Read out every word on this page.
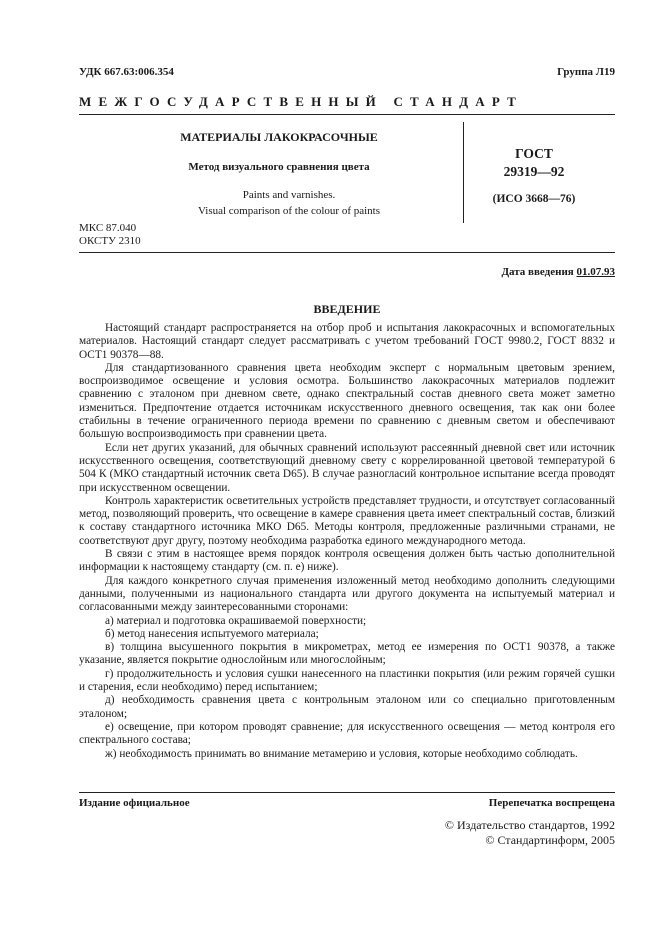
УДК 667.63:006.354	Группа Л19
МЕЖГОСУДАРСТВЕННЫЙ СТАНДАРТ
МАТЕРИАЛЫ ЛАКОКРАСОЧНЫЕ
Метод визуального сравнения цвета
Paints and varnishes.
Visual comparison of the colour of paints
ГОСТ
29319—92
(ИСО 3668—76)
МКС 87.040
ОКСТУ 2310
Дата введения 01.07.93
ВВЕДЕНИЕ

Настоящий стандарт распространяется на отбор проб и испытания лакокрасочных и вспомогательных материалов. Настоящий стандарт следует рассматривать с учетом требований ГОСТ 9980.2, ГОСТ 8832 и ОСТ1 90378—88.

Для стандартизованного сравнения цвета необходим эксперт с нормальным цветовым зрением, воспроизводимое освещение и условия осмотра. Большинство лакокрасочных материалов подлежит сравнению с эталоном при дневном свете, однако спектральный состав дневного света может заметно измениться. Предпочтение отдается источникам искусственного дневного освещения, так как они более стабильны в течение ограниченного периода времени по сравнению с дневным светом и обеспечивают большую воспроизводимость при сравнении цвета.

Если нет других указаний, для обычных сравнений используют рассеянный дневной свет или источник искусственного освещения, соответствующий дневному свету с коррелированной цветовой температурой 6 504 К (МКО стандартный источник света D65). В случае разногласий контрольное испытание всегда проводят при искусственном освещении.

Контроль характеристик осветительных устройств представляет трудности, и отсутствует согласованный метод, позволяющий проверить, что освещение в камере сравнения цвета имеет спектральный состав, близкий к составу стандартного источника МКО D65. Методы контроля, предложенные различными странами, не соответствуют друг другу, поэтому необходима разработка единого международного метода.

В связи с этим в настоящее время порядок контроля освещения должен быть частью дополнительной информации к настоящему стандарту (см. п. е) ниже).

Для каждого конкретного случая применения изложенный метод необходимо дополнить следующими данными, полученными из национального стандарта или другого документа на испытуемый материал и согласованными между заинтересованными сторонами:

а) материал и подготовка окрашиваемой поверхности;

б) метод нанесения испытуемого материала;

в) толщина высушенного покрытия в микрометрах, метод ее измерения по ОСТ1 90378, а также указание, является покрытие однослойным или многослойным;

г) продолжительность и условия сушки нанесенного на пластинки покрытия (или режим горячей сушки и старения, если необходимо) перед испытанием;

д) необходимость сравнения цвета с контрольным эталоном или со специально приготовленным эталоном;

е) освещение, при котором проводят сравнение; для искусственного освещения — метод контроля его спектрального состава;

ж) необходимость принимать во внимание метамерию и условия, которые необходимо соблюдать.

Издание официальное	Перепечатка воспрещена
© Издательство стандартов, 1992
© Стандартинформ, 2005
